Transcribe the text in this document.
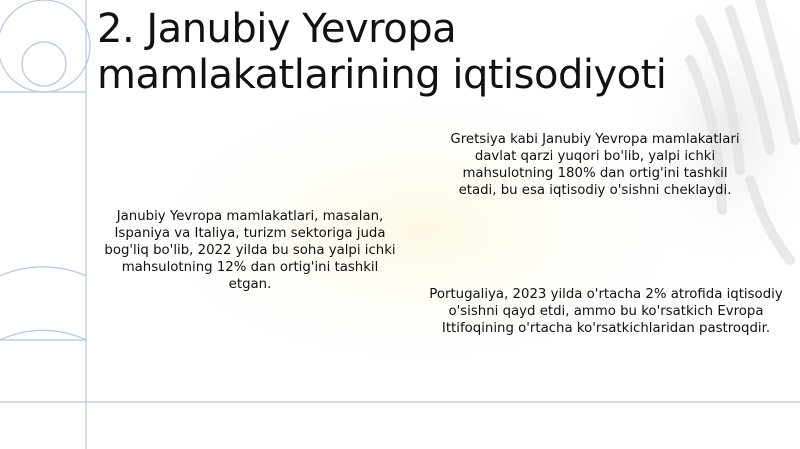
2. Janubiy Yevropa mamlakatlarining iqtisodiyoti

Gretsiya kabi Janubiy Yevropa mamlakatlari davlat qarzi yuqori bo'lib, yalpi ichki mahsulotning 180% dan ortig'ini tashkil etadi, bu esa iqtisodiy o'sishni cheklaydi.

Janubiy Yevropa mamlakatlari, masalan, Ispaniya va Italiya, turizm sektoriga juda bog'liq bo'lib, 2022 yilda bu soha yalpi ichki mahsulotning 12% dan ortig'ini tashkil etgan.

Portugaliya, 2023 yilda o'rtacha 2% atrofida iqtisodiy o'sishni qayd etdi, ammo bu ko'rsatkich Evropa Ittifoqining o'rtacha ko'rsatkichlaridan pastroqdir.
